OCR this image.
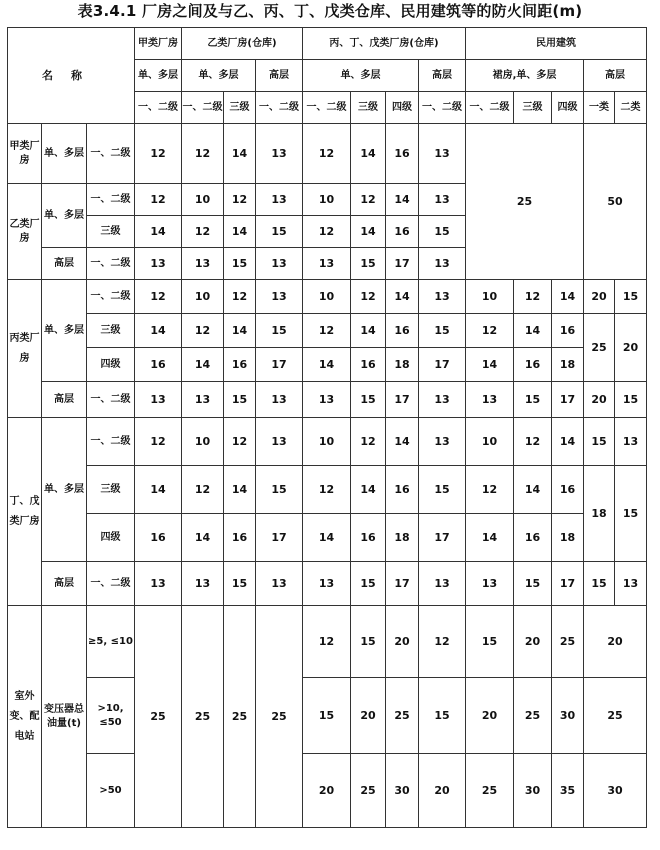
表3.4.1 厂房之间及与乙、丙、丁、戊类仓库、民用建筑等的防火间距(m)
名称			甲类厂房	乙类厂房(仓库)			丙、丁、戊类厂房(仓库)				民用建筑				
			单、多层	单、多层		高层	单、多层			高层	裙房,单、多层			高层	
			一、二级	一、二级	三级	一、二级	一、二级	三级	四级	一、二级	一、二级	三级	四级	一类	二类
甲类厂房	单、多层	一、二级	12	12	14	13	12	14	16	13	25			50	
乙类厂房	单、多层	一、二级	12	10	12	13	10	12	14	13					
		三级	14	12	14	15	12	14	16	15					
	高层	一、二级	13	13	15	13	13	15	17	13					
丙类厂房	单、多层	一、二级	12	10	12	13	10	12	14	13	10	12	14	20	15
		三级	14	12	14	15	12	14	16	15	12	14	16	25	20
		四级	16	14	16	17	14	16	18	17	14	16	18		
	高层	一、二级	13	13	15	13	13	15	17	13	13	15	17	20	15
丁、戊类厂房	单、多层	一、二级	12	10	12	13	10	12	14	13	10	12	14	15	13
		三级	14	12	14	15	12	14	16	15	12	14	16	18	15
		四级	16	14	16	17	14	16	18	17	14	16	18		
	高层	一、二级	13	13	15	13	13	15	17	13	13	15	17	15	13
室外变、配电站	变压器总油量(t)	≥5, ≤10	25	25	25	25	12	15	20	12	15	20	25	20	
		>10, ≤50					15	20	25	15	20	25	30	25	
		>50					20	25	30	20	25	30	35	30	
